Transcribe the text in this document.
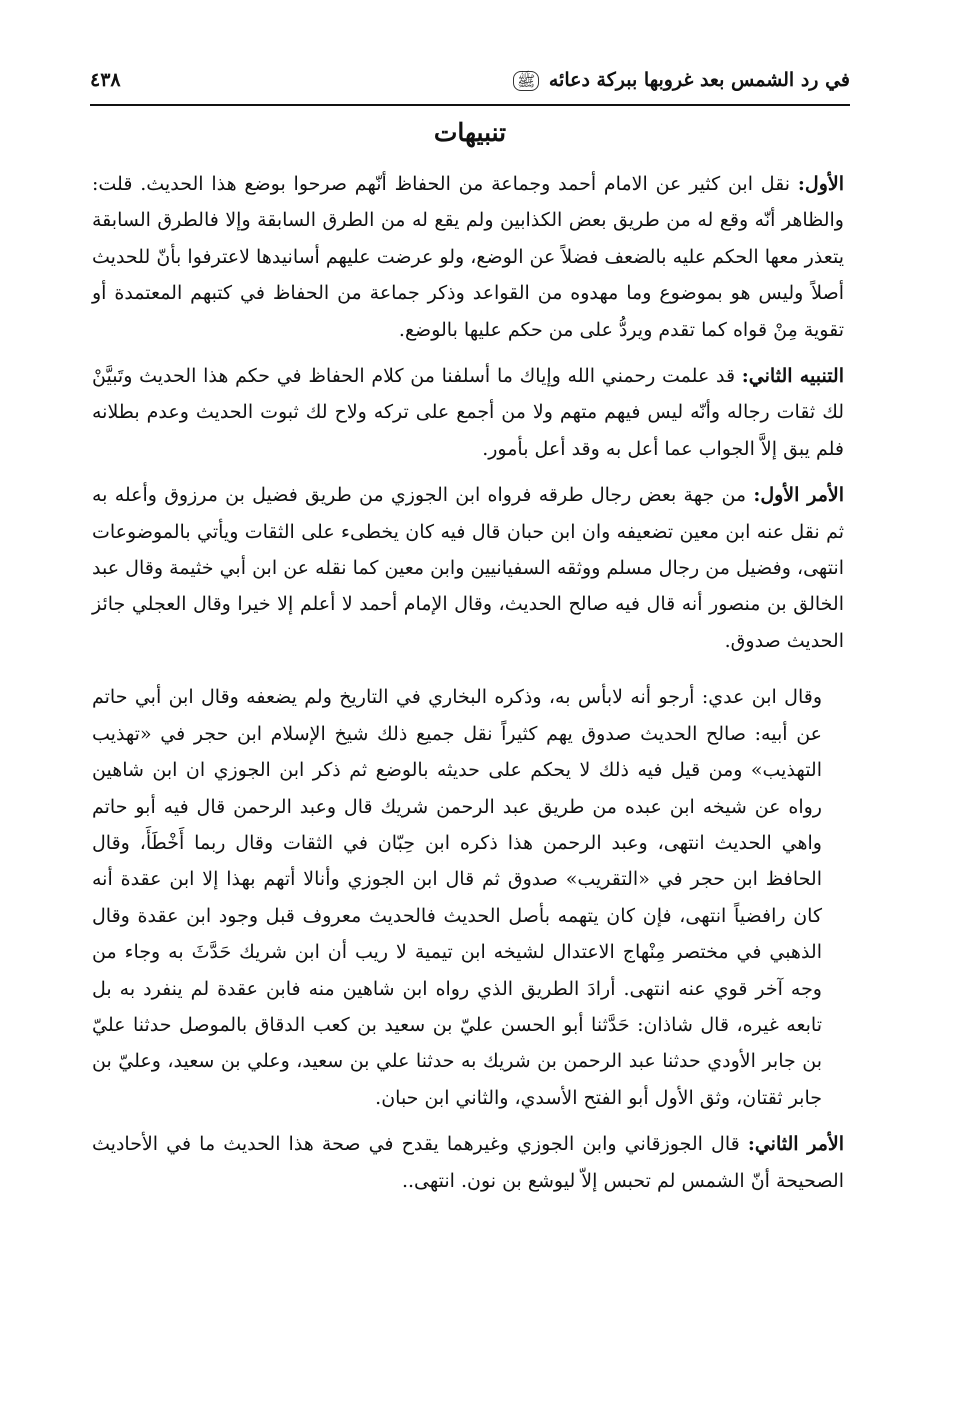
في رد الشمس بعد غروبها ببركة دعائه ﷺ
٤٣٨
تنبيهات

الأول: نقل ابن كثير عن الامام أحمد وجماعة من الحفاظ أنّهم صرحوا بوضع هذا الحديث. قلت: والظاهر أنّه وقع له من طريق بعض الكذابين ولم يقع له من الطرق السابقة وإلا فالطرق السابقة يتعذر معها الحكم عليه بالضعف فضلاً عن الوضع، ولو عرضت عليهم أسانيدها لاعترفوا بأنّ للحديث أصلاً وليس هو بموضوع وما مهدوه من القواعد وذكر جماعة من الحفاظ في كتبهم المعتمدة أو تقوية مِنْ قواه كما تقدم ويردُّ على من حكم عليها بالوضع.

التنبيه الثاني: قد علمت رحمني الله وإياك ما أسلفنا من كلام الحفاظ في حكم هذا الحديث وتَبيَّنْ لك ثقات رجاله وأنّه ليس فيهم متهم ولا من أجمع على تركه ولاح لك ثبوت الحديث وعدم بطلانه فلم يبق إلاَّ الجواب عما أعل به وقد أعل بأمور.

الأمر الأول: من جهة بعض رجال طرقه فرواه ابن الجوزي من طريق فضيل بن مرزوق وأعله به ثم نقل عنه ابن معين تضعيفه وان ابن حبان قال فيه كان يخطىء على الثقات ويأتي بالموضوعات انتهى، وفضيل من رجال مسلم ووثقه السفيانيين وابن معين كما نقله عن ابن أبي خثيمة وقال عبد الخالق بن منصور أنه قال فيه صالح الحديث، وقال الإمام أحمد لا أعلم إلا خيرا وقال العجلي جائز الحديث صدوق.

وقال ابن عدي: أرجو أنه لابأس به، وذكره البخاري في التاريخ ولم يضعفه وقال ابن أبي حاتم عن أبيه: صالح الحديث صدوق يهم كثيراً نقل جميع ذلك شيخ الإسلام ابن حجر في «تهذيب التهذيب» ومن قيل فيه ذلك لا يحكم على حديثه بالوضع ثم ذكر ابن الجوزي ان ابن شاهين رواه عن شيخه ابن عبده من طريق عبد الرحمن شريك قال وعبد الرحمن قال فيه أبو حاتم واهي الحديث انتهى، وعبد الرحمن هذا ذكره ابن حِبّان في الثقات وقال ربما أَخْطَأَ، وقال الحافظ ابن حجر في «التقريب» صدوق ثم قال ابن الجوزي وأنالا أتهم بهذا إلا ابن عقدة أنه كان رافضياً انتهى، فإن كان يتهمه بأصل الحديث فالحديث معروف قبل وجود ابن عقدة وقال الذهبي في مختصر مِنْهاج الاعتدال لشيخه ابن تيمية لا ريب أن ابن شريك حَدَّثَ به وجاء من وجه آخر قوي عنه انتهى. أرادَ الطريق الذي رواه ابن شاهين منه فابن عقدة لم ينفرد به بل تابعه غيره، قال شاذان: حَدَّثنا أبو الحسن عليّ بن سعيد بن كعب الدقاق بالموصل حدثنا عليّ بن جابر الأودي حدثنا عبد الرحمن بن شريك به حدثنا علي بن سعيد، وعلي بن سعيد، وعليّ بن جابر ثقتان، وثق الأول أبو الفتح الأسدي، والثاني ابن حبان.

الأمر الثاني: قال الجوزقاني وابن الجوزي وغيرهما يقدح في صحة هذا الحديث ما في الأحاديث الصحيحة أنّ الشمس لم تحبس إلاّ ليوشع بن نون. انتهى..
